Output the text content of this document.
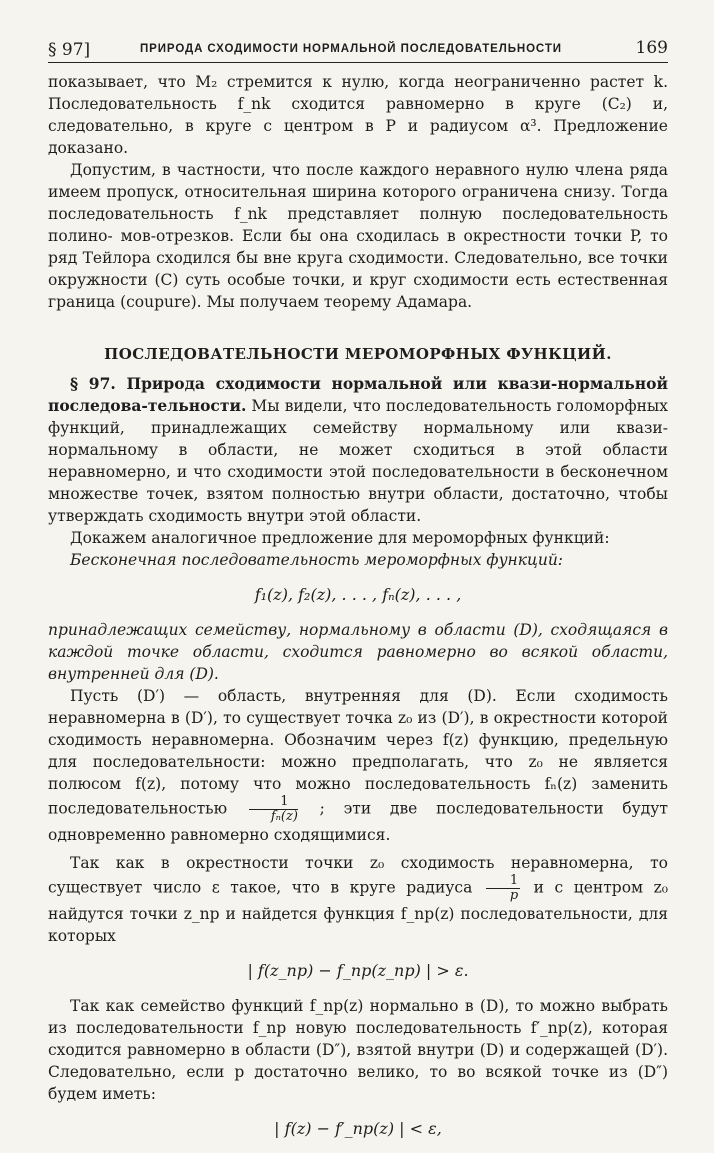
§ 97]	ПРИРОДА СХОДИМОСТИ НОРМАЛЬНОЙ ПОСЛЕДОВАТЕЛЬНОСТИ	169

показывает, что M₂ стремится к нулю, когда неограниченно растет k. Последовательность f_nk сходится равномерно в круге (C₂) и, следовательно, в круге с центром в P и радиусом α³. Предложение доказано.

Допустим, в частности, что после каждого неравного нулю члена ряда имеем пропуск, относительная ширина которого ограничена снизу. Тогда последовательность f_nk представляет полную последовательность полино- мов-отрезков. Если бы она сходилась в окрестности точки P, то ряд Тейлора сходился бы вне круга сходимости. Следовательно, все точки окружности (C) суть особые точки, и круг сходимости есть естественная граница (coupure). Мы получаем теорему Адамара.

ПОСЛЕДОВАТЕЛЬНОСТИ МЕРОМОРФНЫХ ФУНКЦИЙ.

§ 97. Природа сходимости нормальной или квази-нормальной последова-тельности. Мы видели, что последовательность голоморфных функций, принадлежащих семейству нормальному или квази-нормальному в области, не может сходиться в этой области неравномерно, и что сходимости этой последовательности в бесконечном множестве точек, взятом полностью внутри области, достаточно, чтобы утверждать сходимость внутри этой области.

Докажем аналогичное предложение для мероморфных функций:

Бесконечная последовательность мероморфных функций:

f₁(z), f₂(z), . . . , fₙ(z), . . . ,

принадлежащих семейству, нормальному в области (D), сходящаяся в каждой точке области, сходится равномерно во всякой области, внутренней для (D).

Пусть (D′) — область, внутренняя для (D). Если сходимость неравномерна в (D′), то существует точка z₀ из (D′), в окрестности которой сходимость неравномерна. Обозначим через f(z) функцию, предельную для последовательности: можно предполагать, что z₀ не является полюсом f(z), потому что можно последовательность fₙ(z) заменить последовательностью $\frac{1}{\text{fₙ(z)}}$ ; эти две последовательности будут одновременно равномерно сходящимися.

Так как в окрестности точки z₀ сходимость неравномерна, то существует число ε такое, что в круге радиуса $\frac{1}{p}$ и с центром z₀ найдутся точки z_np и найдется функция f_np(z) последовательности, для которых

| f(z_np) − f_np(z_np) | > ε.

Так как семейство функций f_np(z) нормально в (D), то можно выбрать из последовательности f_np новую последовательность f′_np(z), которая сходится равномерно в области (D″), взятой внутри (D) и содержащей (D′). Следовательно, если p достаточно велико, то во всякой точке из (D″) будем иметь:

| f(z) − f′_np(z) | < ε,
